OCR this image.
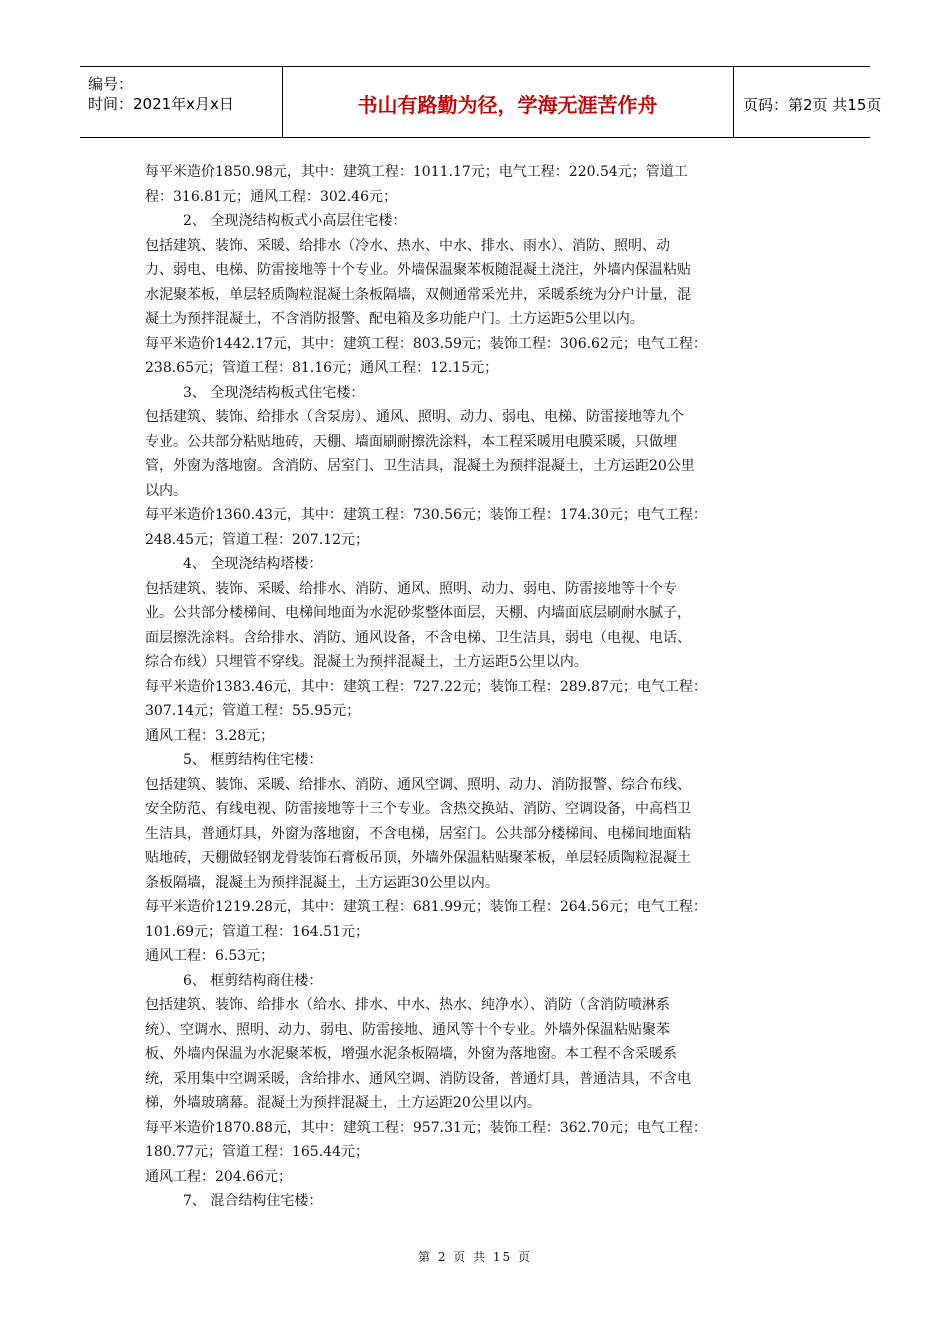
编号：
时间：2021年x月x日	书山有路勤为径，学海无涯苦作舟	页码：第2页 共15页
每平米造价1850.98元，其中：建筑工程：1011.17元；电气工程：220.54元；管道工
程：316.81元；通风工程：302.46元；
2、 全现浇结构板式小高层住宅楼：
包括建筑、装饰、采暖、给排水（冷水、热水、中水、排水、雨水）、消防、照明、动
力、弱电、电梯、防雷接地等十个专业。外墙保温聚苯板随混凝土浇注，外墙内保温粘贴
水泥聚苯板，单层轻质陶粒混凝土条板隔墙，双侧通常采光井，采暖系统为分户计量，混
凝土为预拌混凝土，不含消防报警、配电箱及多功能户门。土方运距5公里以内。
每平米造价1442.17元，其中：建筑工程：803.59元；装饰工程：306.62元；电气工程：
238.65元；管道工程：81.16元；通风工程：12.15元；
3、 全现浇结构板式住宅楼：
包括建筑、装饰、给排水（含泵房）、通风、照明、动力、弱电、电梯、防雷接地等九个
专业。公共部分粘贴地砖，天棚、墙面刷耐擦洗涂料，本工程采暖用电膜采暖，只做埋
管，外窗为落地窗。含消防、居室门、卫生洁具，混凝土为预拌混凝土，土方运距20公里
以内。
每平米造价1360.43元，其中：建筑工程：730.56元；装饰工程：174.30元；电气工程：
248.45元；管道工程：207.12元；
4、 全现浇结构塔楼：
包括建筑、装饰、采暖、给排水、消防、通风、照明、动力、弱电、防雷接地等十个专
业。公共部分楼梯间、电梯间地面为水泥砂浆整体面层，天棚、内墙面底层刷耐水腻子，
面层擦洗涂料。含给排水、消防、通风设备，不含电梯、卫生洁具，弱电（电视、电话、
综合布线）只埋管不穿线。混凝土为预拌混凝土，土方运距5公里以内。
每平米造价1383.46元，其中：建筑工程：727.22元；装饰工程：289.87元；电气工程：
307.14元；管道工程：55.95元；
通风工程：3.28元；
5、 框剪结构住宅楼：
包括建筑、装饰、采暖、给排水、消防、通风空调、照明、动力、消防报警、综合布线、
安全防范、有线电视、防雷接地等十三个专业。含热交换站、消防、空调设备，中高档卫
生洁具，普通灯具，外窗为落地窗，不含电梯，居室门。公共部分楼梯间、电梯间地面粘
贴地砖，天棚做轻钢龙骨装饰石膏板吊顶，外墙外保温粘贴聚苯板，单层轻质陶粒混凝土
条板隔墙，混凝土为预拌混凝土，土方运距30公里以内。
每平米造价1219.28元，其中：建筑工程：681.99元；装饰工程：264.56元；电气工程：
101.69元；管道工程：164.51元；
通风工程：6.53元；
6、 框剪结构商住楼：
包括建筑、装饰、给排水（给水、排水、中水、热水、纯净水）、消防（含消防喷淋系
统）、空调水、照明、动力、弱电、防雷接地、通风等十个专业。外墙外保温粘贴聚苯
板、外墙内保温为水泥聚苯板，增强水泥条板隔墙，外窗为落地窗。本工程不含采暖系
统，采用集中空调采暖，含给排水、通风空调、消防设备，普通灯具，普通洁具，不含电
梯，外墙玻璃幕。混凝土为预拌混凝土，土方运距20公里以内。
每平米造价1870.88元，其中：建筑工程：957.31元；装饰工程：362.70元；电气工程：
180.77元；管道工程：165.44元；
通风工程：204.66元；
7、 混合结构住宅楼：
第 2 页 共 15 页
